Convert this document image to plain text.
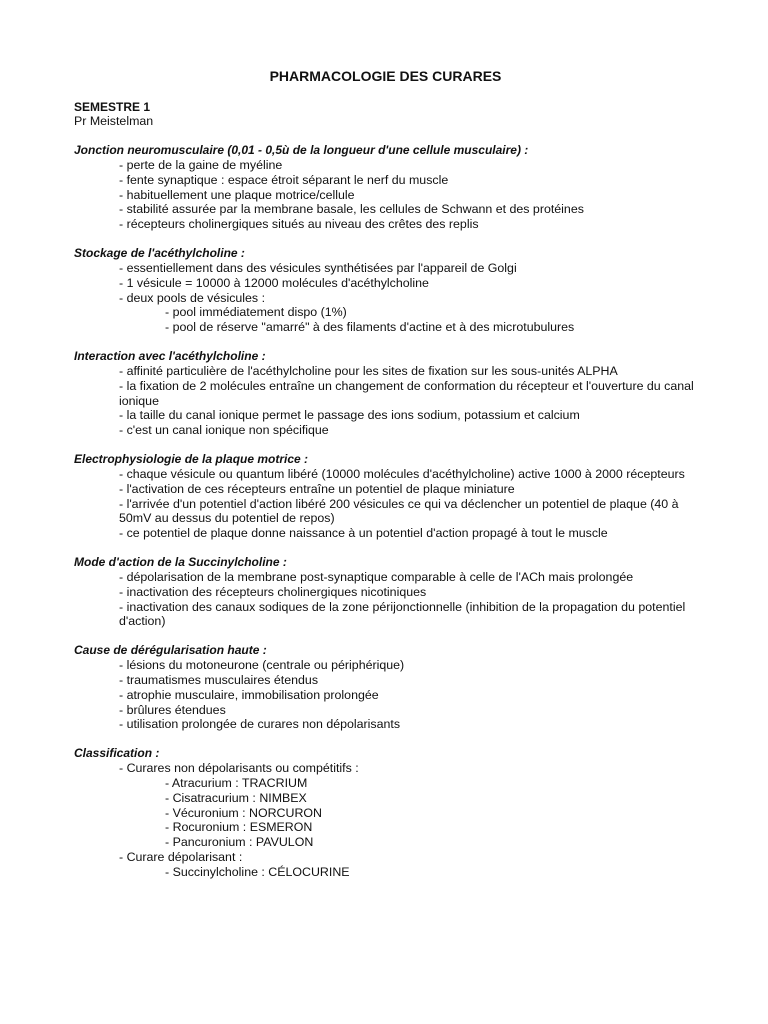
PHARMACOLOGIE DES CURARES
SEMESTRE 1
Pr Meistelman
Jonction neuromusculaire (0,01 - 0,5ù de la longueur d'une cellule musculaire) :
- perte de la gaine de myéline
- fente synaptique : espace étroit séparant le nerf du muscle
- habituellement une plaque motrice/cellule
- stabilité assurée par la membrane basale, les cellules de Schwann et des protéines
- récepteurs cholinergiques situés au niveau des crêtes des replis
Stockage de l'acéthylcholine :
- essentiellement dans des vésicules synthétisées par l'appareil de Golgi
- 1 vésicule = 10000 à 12000 molécules d'acéthylcholine
- deux pools de vésicules :
- pool immédiatement dispo (1%)
- pool de réserve "amarré" à des filaments d'actine et à des microtubulures
Interaction avec l'acéthylcholine :
- affinité particulière de l'acéthylcholine pour les sites de fixation sur les sous-unités ALPHA
- la fixation de 2 molécules entraîne un changement de conformation du récepteur et l'ouverture du canal ionique
- la taille du canal ionique permet le passage des ions sodium, potassium et calcium
- c'est un canal ionique non spécifique
Electrophysiologie de la plaque motrice :
- chaque vésicule ou quantum libéré (10000 molécules d'acéthylcholine) active 1000 à 2000 récepteurs
- l'activation de ces récepteurs entraîne un potentiel de plaque miniature
- l'arrivée d'un potentiel d'action libéré 200 vésicules ce qui va déclencher un potentiel de plaque (40 à 50mV au dessus du potentiel de repos)
- ce potentiel de plaque donne naissance à un potentiel d'action propagé à tout le muscle
Mode d'action de la Succinylcholine :
- dépolarisation de la membrane post-synaptique comparable à celle de l'ACh mais prolongée
- inactivation des récepteurs cholinergiques nicotiniques
- inactivation des canaux sodiques de la zone périjonctionnelle (inhibition de la propagation du potentiel d'action)
Cause de dérégularisation haute :
- lésions du motoneurone (centrale ou périphérique)
- traumatismes musculaires étendus
- atrophie musculaire, immobilisation prolongée
- brûlures étendues
- utilisation prolongée de curares non dépolarisants
Classification :
- Curares non dépolarisants ou compétitifs :
- Atracurium : TRACRIUM
- Cisatracurium : NIMBEX
- Vécuronium : NORCURON
- Rocuronium : ESMERON
- Pancuronium : PAVULON
- Curare dépolarisant :
- Succinylcholine : CÉLOCURINE
